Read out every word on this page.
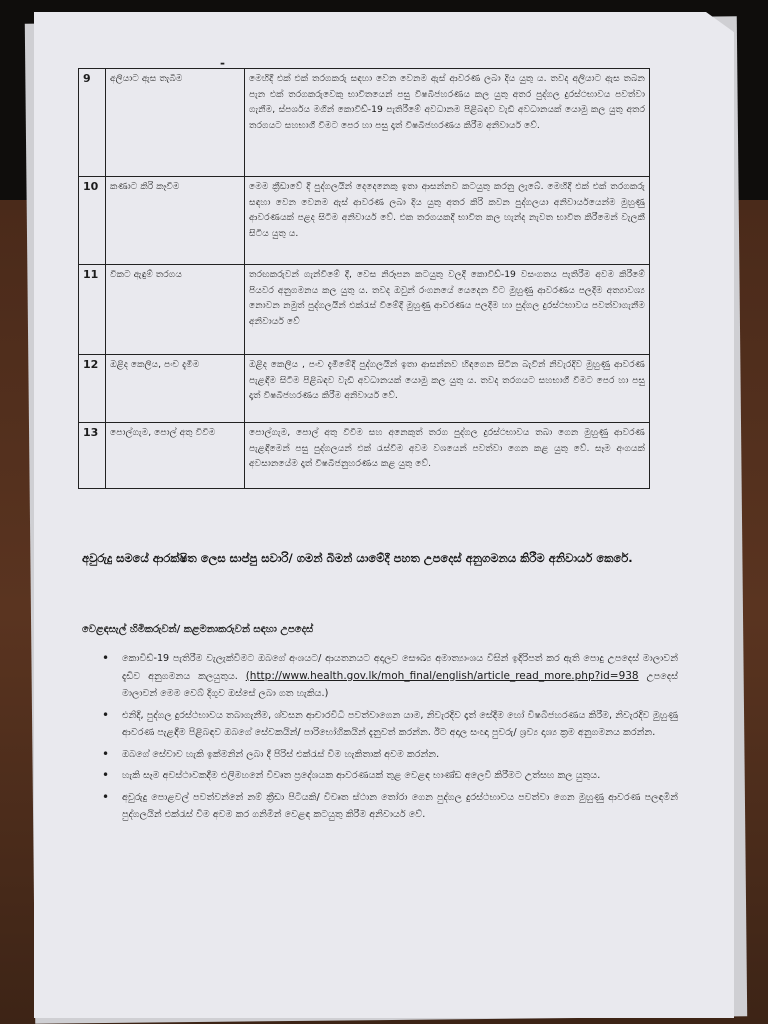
-
9	අලියාට ඇස තැබීම	මෙහිදී එක් එක් තරගකරු සඳහා වෙන වෙනම ඇස් ආවරණ ලබා දිය යුතු ය. තවද අලියාට ඇස තබන පැන එක් තරගකරුවෙකු භාවිතයෙන් පසු විෂබීජහරණය කල යුතු අතර පුද්ගල දුරස්ථභාවය පවත්වා ගැනීම, ස්පර්ශය මගින් කොවිඩ්-19 පැතිරීමේ අවධානම පිළිබඳව වැඩි අවධානයක් යොමු කල යුතු අතර තරගයට සහභාගී වීමට පෙර හා පසු දෑත් විෂබීජහරණය කිරීම අනිවාර්ය වේ.
10	කණාට කිරි කෑවීම	මෙම ක්‍රීඩාවේ දී පුද්ගලයින් දෙදෙනෙකු ඉතා ආසන්නව කටයුතු කරනු ලැබේ. මෙහිදී එක් එක් තරගකරු සඳහා වෙන වෙනම ඇස් ආවරණ ලබා දිය යුතු අතර කිරි කවන පුද්ගලයා අනිවාර්යයෙන්ම මුහුණු ආවරණයක් පළද සිටීම අනිවාර්ය වේ. එක තරගයකදී භාවිත කල හැන්ද නැවත භාවිත කිරීමෙන් වැලකී සිටිය යුතු ය.
11	විකට ඇඳුම් තරගය	තරඟකරුවන් ගැන්වීමේ දී, වෙස නිරූපන කටයුතු වලදී කොවිඩ්-19 වසංගතය පැතිරීම අවම කිරීමේ පියවර අනුගමනය කල යුතු ය. තවද ඔවුන් රංගනයේ යෙදෙන විට මුහුණු ආවරණය පලදීම අත්‍යාවශ්‍ය නොවන නමුත් පුද්ගලයින් එක්රැස් වීමේදී මුහුණු ආවරණය පලදීම හා පුද්ගල දුරස්ථභාවය පවත්වාගැනීම අනිවාර්ය වේ
12	ඔළිද කෙලිය, පංච දැමීම	ඔළිද කෙලිය , පංච දැමීමේදී පුද්ගලයින් ඉතා ආසන්නව හිඳගෙන සිටින බැවින් නිවැරදිව මුහුණු ආවරණ පැළඳීම සිටීම පිළිබඳව වැඩි අවධානයක් යොමු කල යුතු ය. තවද තරගයට සහභාගී වීමට පෙර හා පසු දෑත් විෂබීජහරණය කිරීම අනිවාර්ය වේ.
13	පොල්ගැම, පොල් අතු විවීම	පොල්ගැම, පොල් අතු විවීම සහ අනෙකුත් තරග පුද්ගල දුරස්ථභාවය තබා ගෙන මුහුණු ආවරණ පැළඳීමෙන් පසු පුද්ගලයන් එක් රැස්වීම අවම වශයෙන් පවත්වා ගෙන කළ යුතු වේ. සෑම අංගයක් අවසානයේම දෑත් විෂබීජනුහරණය කළ යුතු වේ.
අවුරුදු සමයේ ආරක්ෂිත ලෙස සාප්පු සවාරි/ ගමන් බිමන් යාමේදී පහත උපදෙස් අනුගමනය කිරීම අනිවාර්ය කෙරේ.
වෙළඳසැල් හිමිකරුවන්/ කළමනාකරුවන් සඳහා උපදෙස්
• කොවිඩ්-19 පැතිරීම වැලැක්වීමට ඔබගේ අංශයට/ ආයතනයට අදාලව සෞඛ්‍ය අමාත්‍යාංශය විසින් ඉදිරිපත් කර ඇති පොදු උපදෙස් මාලාවන් දැඩිව අනුගමනය කලයුතුය. (http://www.health.gov.lk/moh_final/english/article_read_more.php?id=938 උපදෙස් මාලාවන් මෙම වෙබ් දිගුව ඔස්සේ ලබා ගත හැකිය.)
• එනිදි, පුද්ගල දුරස්ථභාවය තබාගැනීම, ශ්වසන ආචාරවිධි පවත්වාගෙන යාම, නිවැරදිව දෑත් සේදීම හෝ විෂබීජහරණය කිරීම, නිවැරදිව මුහුණු ආවරණ පැළඳීම පිළිබඳව ඔබගේ සේවකයින්/ පාරිභෝගිකයින් දැනුවත් කරන්න. ඊට අදාල සංඥා පුවරු/ ශ්‍රව්‍ය දෘශ්‍ය ක්‍රම අනුගමනය කරන්න.
• ඔබගේ සේවාව හැකි ඉක්මනින් ලබා දී පිරිස් එක්රැස් වීම හැකිතාක් අවම කරන්න.
• හැකි සෑම අවස්ථාවකදීම එලිමහනේ විවෘත ප්‍රදේශයක ආවරණයක් තුළ වෙළඳ භාණ්ඩ අලෙවි කිරීමට උත්සහ කල යුතුය.
• අවුරුදු පොළවල් පවත්වන්නේ නම් ක්‍රීඩා පිටියකි/ විවෘත ස්ථාන තෝරා ගෙන පුද්ගල දුරස්ථභාවය පවත්වා ගෙන මුහුණු ආවරණ පලඳමින් පුද්ගලයින් එක්රැස් වීම අවම කර ගනිමින් වෙළඳ කටයුතු කිරීම අනිවාර්ය වේ.
